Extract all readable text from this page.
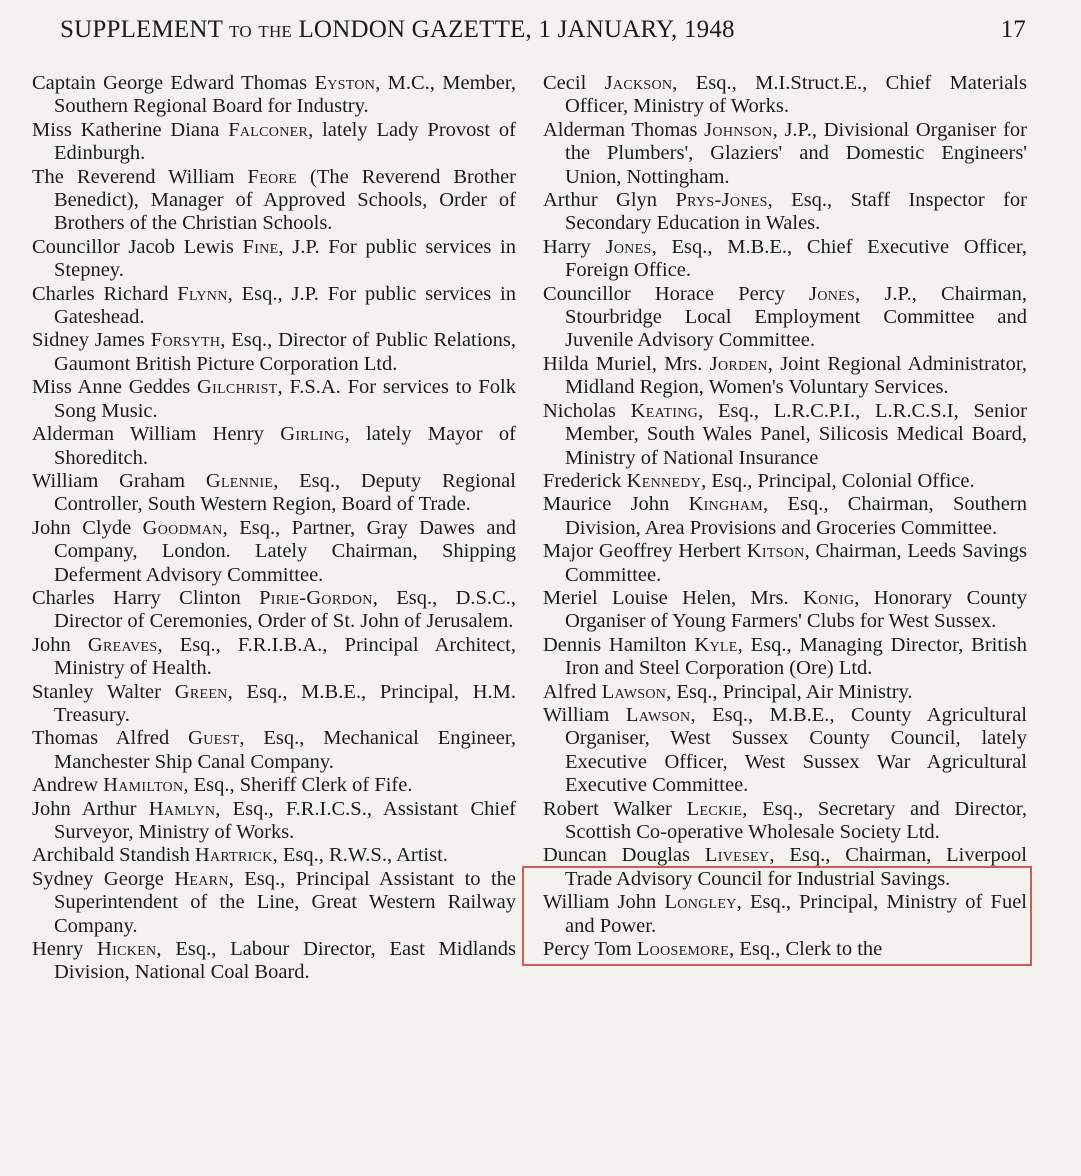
SUPPLEMENT TO THE LONDON GAZETTE, 1 JANUARY, 1948	17

Captain George Edward Thomas Eyston, M.C., Member, Southern Regional Board for Industry.

Miss Katherine Diana Falconer, lately Lady Provost of Edinburgh.

The Reverend William Feore (The Reverend Brother Benedict), Manager of Approved Schools, Order of Brothers of the Christian Schools.

Councillor Jacob Lewis Fine, J.P. For public services in Stepney.

Charles Richard Flynn, Esq., J.P. For public services in Gateshead.

Sidney James Forsyth, Esq., Director of Public Relations, Gaumont British Picture Corporation Ltd.

Miss Anne Geddes Gilchrist, F.S.A. For services to Folk Song Music.

Alderman William Henry Girling, lately Mayor of Shoreditch.

William Graham Glennie, Esq., Deputy Regional Controller, South Western Region, Board of Trade.

John Clyde Goodman, Esq., Partner, Gray Dawes and Company, London. Lately Chairman, Shipping Deferment Advisory Committee.

Charles Harry Clinton Pirie-Gordon, Esq., D.S.C., Director of Ceremonies, Order of St. John of Jerusalem.

John Greaves, Esq., F.R.I.B.A., Principal Architect, Ministry of Health.

Stanley Walter Green, Esq., M.B.E., Principal, H.M. Treasury.

Thomas Alfred Guest, Esq., Mechanical Engineer, Manchester Ship Canal Company.

Andrew Hamilton, Esq., Sheriff Clerk of Fife.

John Arthur Hamlyn, Esq., F.R.I.C.S., Assistant Chief Surveyor, Ministry of Works.

Archibald Standish Hartrick, Esq., R.W.S., Artist.

Sydney George Hearn, Esq., Principal Assistant to the Superintendent of the Line, Great Western Railway Company.

Henry Hicken, Esq., Labour Director, East Midlands Division, National Coal Board.

Cecil Jackson, Esq., M.I.Struct.E., Chief Materials Officer, Ministry of Works.

Alderman Thomas Johnson, J.P., Divisional Organiser for the Plumbers', Glaziers' and Domestic Engineers' Union, Nottingham.

Arthur Glyn Prys-Jones, Esq., Staff Inspector for Secondary Education in Wales.

Harry Jones, Esq., M.B.E., Chief Executive Officer, Foreign Office.

Councillor Horace Percy Jones, J.P., Chairman, Stourbridge Local Employment Committee and Juvenile Advisory Committee.

Hilda Muriel, Mrs. Jorden, Joint Regional Administrator, Midland Region, Women's Voluntary Services.

Nicholas Keating, Esq., L.R.C.P.I., L.R.C.S.I, Senior Member, South Wales Panel, Silicosis Medical Board, Ministry of National Insurance

Frederick Kennedy, Esq., Principal, Colonial Office.

Maurice John Kingham, Esq., Chairman, Southern Division, Area Provisions and Groceries Committee.

Major Geoffrey Herbert Kitson, Chairman, Leeds Savings Committee.

Meriel Louise Helen, Mrs. Konig, Honorary County Organiser of Young Farmers' Clubs for West Sussex.

Dennis Hamilton Kyle, Esq., Managing Director, British Iron and Steel Corporation (Ore) Ltd.

Alfred Lawson, Esq., Principal, Air Ministry.

William Lawson, Esq., M.B.E., County Agricultural Organiser, West Sussex County Council, lately Executive Officer, West Sussex War Agricultural Executive Committee.

Robert Walker Leckie, Esq., Secretary and Director, Scottish Co-operative Wholesale Society Ltd.

Duncan Douglas Livesey, Esq., Chairman, Liverpool Trade Advisory Council for Industrial Savings.

William John Longley, Esq., Principal, Ministry of Fuel and Power.

Percy Tom Loosemore, Esq., Clerk to the
